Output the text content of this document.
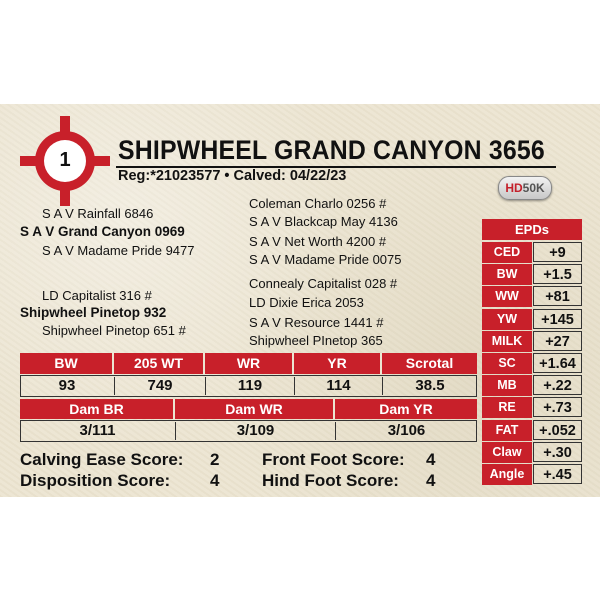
1 SHIPWHEEL GRAND CANYON 3656
Reg:*21023577 • Calved: 04/22/23
HD50K
S A V Rainfall 6846
S A V Grand Canyon 0969
S A V Madame Pride 9477
LD Capitalist 316 #
Shipwheel Pinetop 932
Shipwheel Pinetop 651 #
Coleman Charlo 0256 #
S A V Blackcap May 4136
S A V Net Worth 4200 #
S A V Madame Pride 0075
Connealy Capitalist 028 #
LD Dixie Erica 2053
S A V Resource 1441 #
Shipwheel PInetop 365
BW	205 WT	WR	YR	Scrotal
93	749	119	114	38.5
Dam BR	Dam WR	Dam YR
3/111	3/109	3/106
EPDs
CED	+9
BW	+1.5
WW	+81
YW	+145
MILK	+27
SC	+1.64
MB	+.22
RE	+.73
FAT	+.052
Claw	+.30
Angle	+.45
Calving Ease Score: 2	Front Foot Score: 4
Disposition Score: 4	Hind Foot Score: 4
